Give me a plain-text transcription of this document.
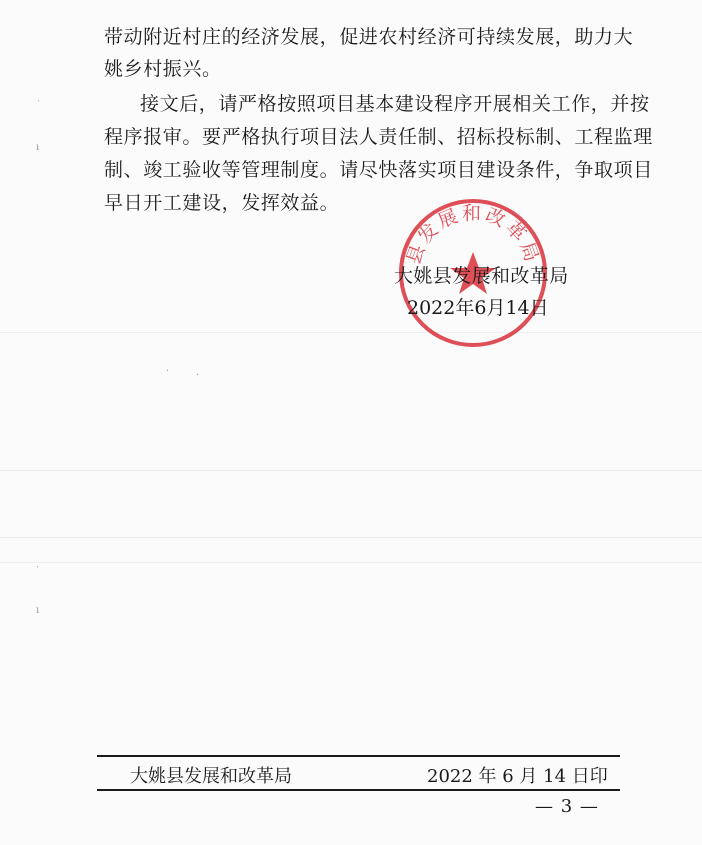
带动附近村庄的经济发展，促进农村经济可持续发展，助力大
姚乡村振兴。
接文后，请严格按照项目基本建设程序开展相关工作，并按
程序报审。要严格执行项目法人责任制、招标投标制、工程监理
制、竣工验收等管理制度。请尽快落实项目建设条件，争取项目
早日开工建设，发挥效益。
˙
ı
˙
ı
·	·
县发展和改革局
大姚县发展和改革局
2022年6月14日
大姚县发展和改革局	2022 年 6 月 14 日印
— 3 —
